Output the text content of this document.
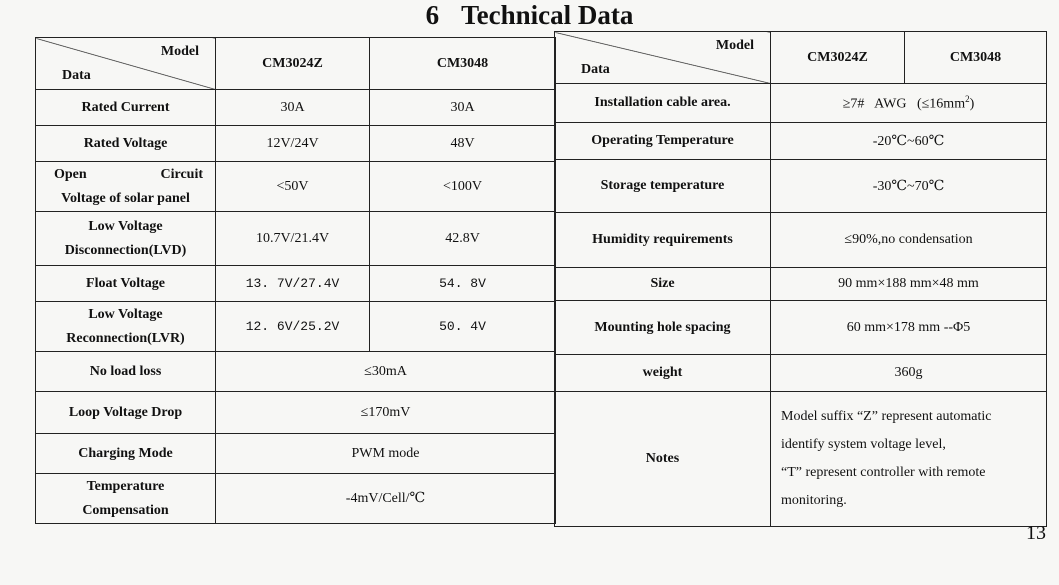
6 Technical Data
Model
Data	CM3024Z	CM3048
Rated Current	30A	30A
Rated Voltage	12V/24V	48V

Open Circuit
Voltage of solar panel	<50V	<100V

Low Voltage
Disconnection(LVD)	10.7V/21.4V	42.8V
Float Voltage	13. 7V/27.4V	54. 8V

Low Voltage
Reconnection(LVR)	12. 6V/25.2V	50. 4V
No load loss	≤30mA	
Loop Voltage Drop	≤170mV	
Charging Mode	PWM mode	

Temperature
Compensation	-4mV/Cell/℃	
Model
Data	CM3024Z	CM3048
Installation cable area.	≥7#   AWG   $(\le 16mm^2)$	
Operating Temperature	-20℃~60℃	
Storage temperature	-30℃~70℃	
Humidity requirements	≤90%,no condensation	
Size	90 mm×188 mm×48 mm	
Mounting hole spacing	60 mm×178 mm --Φ5	
weight	360g	
Notes	Model suffix “Z” represent automatic identify system voltage level,
“T” represent controller with remote monitoring.	
13
